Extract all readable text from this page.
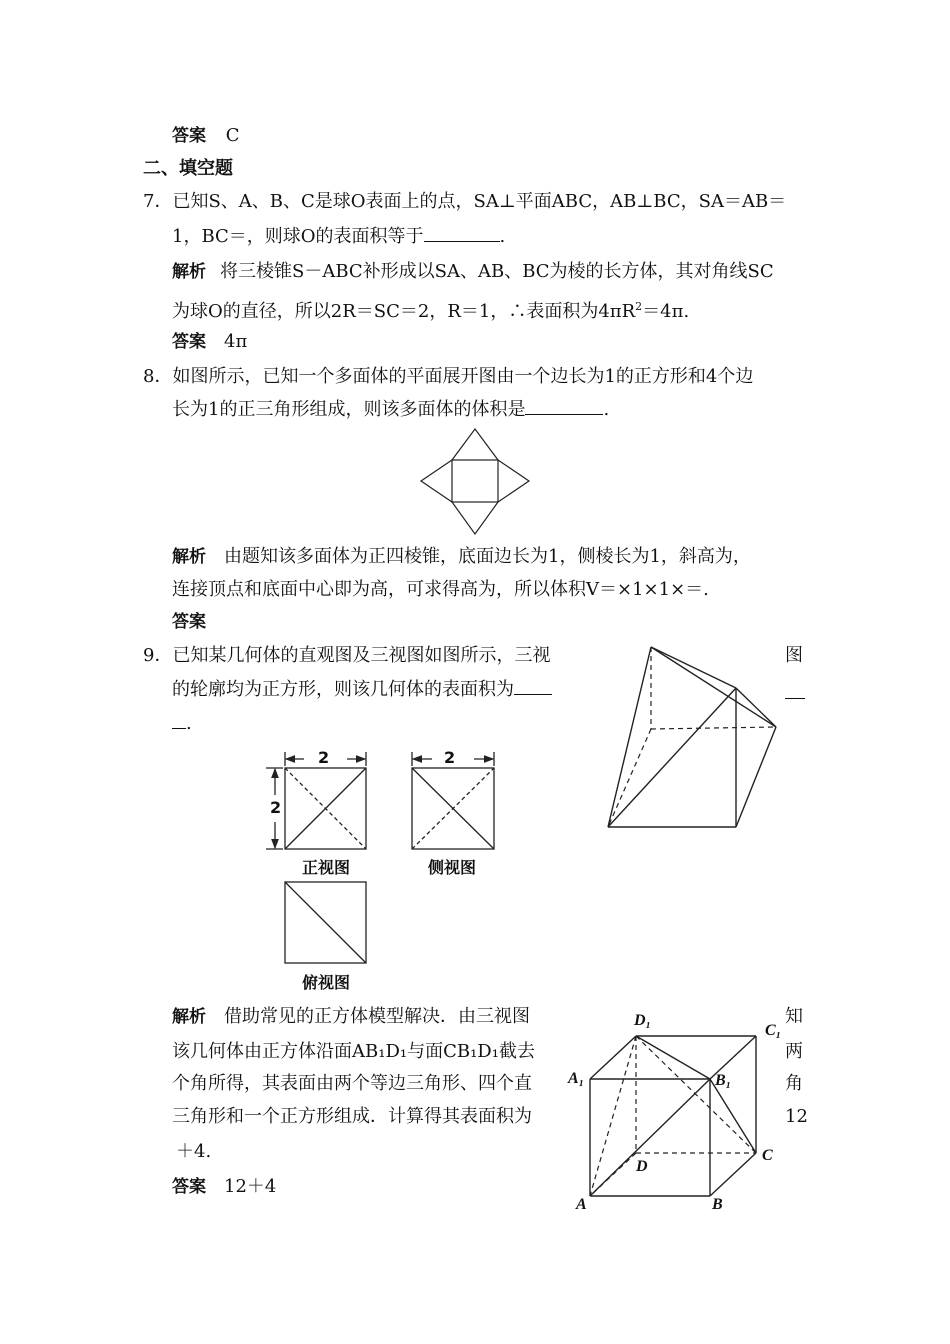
答案 C
二、填空题
7．已知S、A、B、C是球O表面上的点，SA⊥平面ABC，AB⊥BC，SA＝AB＝
1，BC＝，则球O的表面积等于	.
解析 将三棱锥S－ABC补形成以SA、AB、BC为棱的长方体，其对角线SC
为球O的直径，所以2R＝SC＝2，R＝1，∴表面积为$4\pi R^2=4\pi$.
答案 4π
8．如图所示，已知一个多面体的平面展开图由一个边长为1的正方形和4个边
长为1的正三角形组成，则该多面体的体积是	.
解析 由题知该多面体为正四棱锥，底面边长为1，侧棱长为1，斜高为，
连接顶点和底面中心即为高，可求得高为，所以体积V＝×1×1×＝.
答案
9．已知某几何体的直观图及三视图如图所示，三视	图
的轮廓均为正方形，则该几何体的表面积为
.
2	2
2
正视图	侧视图
俯视图
解析 借助常见的正方体模型解决．由三视图	知
该几何体由正方体沿面AB₁D₁与面CB₁D₁截去	两
个角所得，其表面由两个等边三角形、四个直	角
三角形和一个正方形组成．计算得其表面积为	12
＋4.
答案 12＋4
D₁
C₁
A₁	B₁
D
C
A	B
